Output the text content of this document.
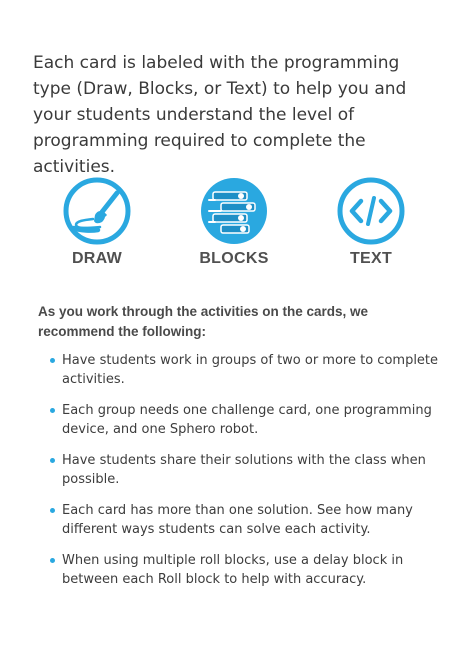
Each card is labeled with the programming type (Draw, Blocks, or Text) to help you and your students understand the level of programming required to complete the activities.

DRAW	BLOCKS	TEXT

As you work through the activities on the cards, we recommend the following:

Have students work in groups of two or more to complete activities.
Each group needs one challenge card, one programming device, and one Sphero robot.
Have students share their solutions with the class when possible.
Each card has more than one solution. See how many different ways students can solve each activity.
When using multiple roll blocks, use a delay block in between each Roll block to help with accuracy.
